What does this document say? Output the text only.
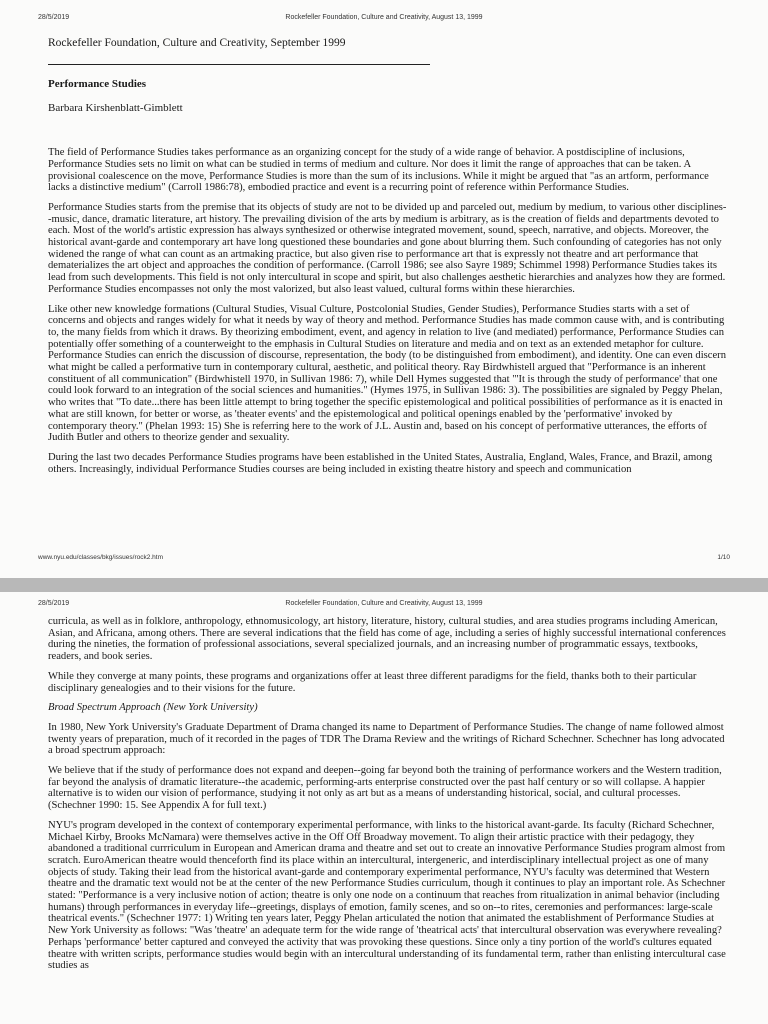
28/5/2019	Rockefeller Foundation, Culture and Creativity, August 13, 1999

Rockefeller Foundation, Culture and Creativity, September 1999

Performance Studies

Barbara Kirshenblatt-Gimblett

The field of Performance Studies takes performance as an organizing concept for the study of a wide range of behavior. A postdiscipline of inclusions, Performance Studies sets no limit on what can be studied in terms of medium and culture. Nor does it limit the range of approaches that can be taken. A provisional coalescence on the move, Performance Studies is more than the sum of its inclusions. While it might be argued that "as an artform, performance lacks a distinctive medium" (Carroll 1986:78), embodied practice and event is a recurring point of reference within Performance Studies.

Performance Studies starts from the premise that its objects of study are not to be divided up and parceled out, medium by medium, to various other disciplines--music, dance, dramatic literature, art history. The prevailing division of the arts by medium is arbitrary, as is the creation of fields and departments devoted to each. Most of the world's artistic expression has always synthesized or otherwise integrated movement, sound, speech, narrative, and objects. Moreover, the historical avant-garde and contemporary art have long questioned these boundaries and gone about blurring them. Such confounding of categories has not only widened the range of what can count as an artmaking practice, but also given rise to performance art that is expressly not theatre and art performance that dematerializes the art object and approaches the condition of performance. (Carroll 1986; see also Sayre 1989; Schimmel 1998) Performance Studies takes its lead from such developments. This field is not only intercultural in scope and spirit, but also challenges aesthetic hierarchies and analyzes how they are formed. Performance Studies encompasses not only the most valorized, but also least valued, cultural forms within these hierarchies.

Like other new knowledge formations (Cultural Studies, Visual Culture, Postcolonial Studies, Gender Studies), Performance Studies starts with a set of concerns and objects and ranges widely for what it needs by way of theory and method. Performance Studies has made common cause with, and is contributing to, the many fields from which it draws. By theorizing embodiment, event, and agency in relation to live (and mediated) performance, Performance Studies can potentially offer something of a counterweight to the emphasis in Cultural Studies on literature and media and on text as an extended metaphor for culture. Performance Studies can enrich the discussion of discourse, representation, the body (to be distinguished from embodiment), and identity. One can even discern what might be called a performative turn in contemporary cultural, aesthetic, and political theory. Ray Birdwhistell argued that "Performance is an inherent constituent of all communication" (Birdwhistell 1970, in Sullivan 1986: 7), while Dell Hymes suggested that "'It is through the study of performance' that one could look forward to an integration of the social sciences and humanities." (Hymes 1975, in Sullivan 1986: 3). The possibilities are signaled by Peggy Phelan, who writes that "To date...there has been little attempt to bring together the specific epistemological and political possibilities of performance as it is enacted in what are still known, for better or worse, as 'theater events' and the epistemological and political openings enabled by the 'performative' invoked by contemporary theory." (Phelan 1993: 15) She is referring here to the work of J.L. Austin and, based on his concept of performative utterances, the efforts of Judith Butler and others to theorize gender and sexuality.

During the last two decades Performance Studies programs have been established in the United States, Australia, England, Wales, France, and Brazil, among others. Increasingly, individual Performance Studies courses are being included in existing theatre history and speech and communication

www.nyu.edu/classes/bkg/issues/rock2.htm	1/10
28/5/2019	Rockefeller Foundation, Culture and Creativity, August 13, 1999

curricula, as well as in folklore, anthropology, ethnomusicology, art history, literature, history, cultural studies, and area studies programs including American, Asian, and Africana, among others. There are several indications that the field has come of age, including a series of highly successful international conferences during the nineties, the formation of professional associations, several specialized journals, and an increasing number of programmatic essays, textbooks, readers, and book series.

While they converge at many points, these programs and organizations offer at least three different paradigms for the field, thanks both to their particular disciplinary genealogies and to their visions for the future.

Broad Spectrum Approach (New York University)

In 1980, New York University's Graduate Department of Drama changed its name to Department of Performance Studies. The change of name followed almost twenty years of preparation, much of it recorded in the pages of TDR The Drama Review and the writings of Richard Schechner. Schechner has long advocated a broad spectrum approach:

We believe that if the study of performance does not expand and deepen--going far beyond both the training of performance workers and the Western tradition, far beyond the analysis of dramatic literature--the academic, performing-arts enterprise constructed over the past half century or so will collapse. A happier alternative is to widen our vision of performance, studying it not only as art but as a means of understanding historical, social, and cultural processes. (Schechner 1990: 15. See Appendix A for full text.)

NYU's program developed in the context of contemporary experimental performance, with links to the historical avant-garde. Its faculty (Richard Schechner, Michael Kirby, Brooks McNamara) were themselves active in the Off Off Broadway movement. To align their artistic practice with their pedagogy, they abandoned a traditional currriculum in European and American drama and theatre and set out to create an innovative Performance Studies program almost from scratch. EuroAmerican theatre would thenceforth find its place within an intercultural, intergeneric, and interdisciplinary intellectual project as one of many objects of study. Taking their lead from the historical avant-garde and contemporary experimental performance, NYU's faculty was determined that Western theatre and the dramatic text would not be at the center of the new Performance Studies curriculum, though it continues to play an important role. As Schechner stated: "Performance is a very inclusive notion of action; theatre is only one node on a continuum that reaches from ritualization in animal behavior (including humans) through performances in everyday life--greetings, displays of emotion, family scenes, and so on--to rites, ceremonies and performances: large-scale theatrical events." (Schechner 1977: 1) Writing ten years later, Peggy Phelan articulated the notion that animated the establishment of Performance Studies at New York University as follows: "Was 'theatre' an adequate term for the wide range of 'theatrical acts' that intercultural observation was everywhere revealing? Perhaps 'performance' better captured and conveyed the activity that was provoking these questions. Since only a tiny portion of the world's cultures equated theatre with written scripts, performance studies would begin with an intercultural understanding of its fundamental term, rather than enlisting intercultural case studies as
